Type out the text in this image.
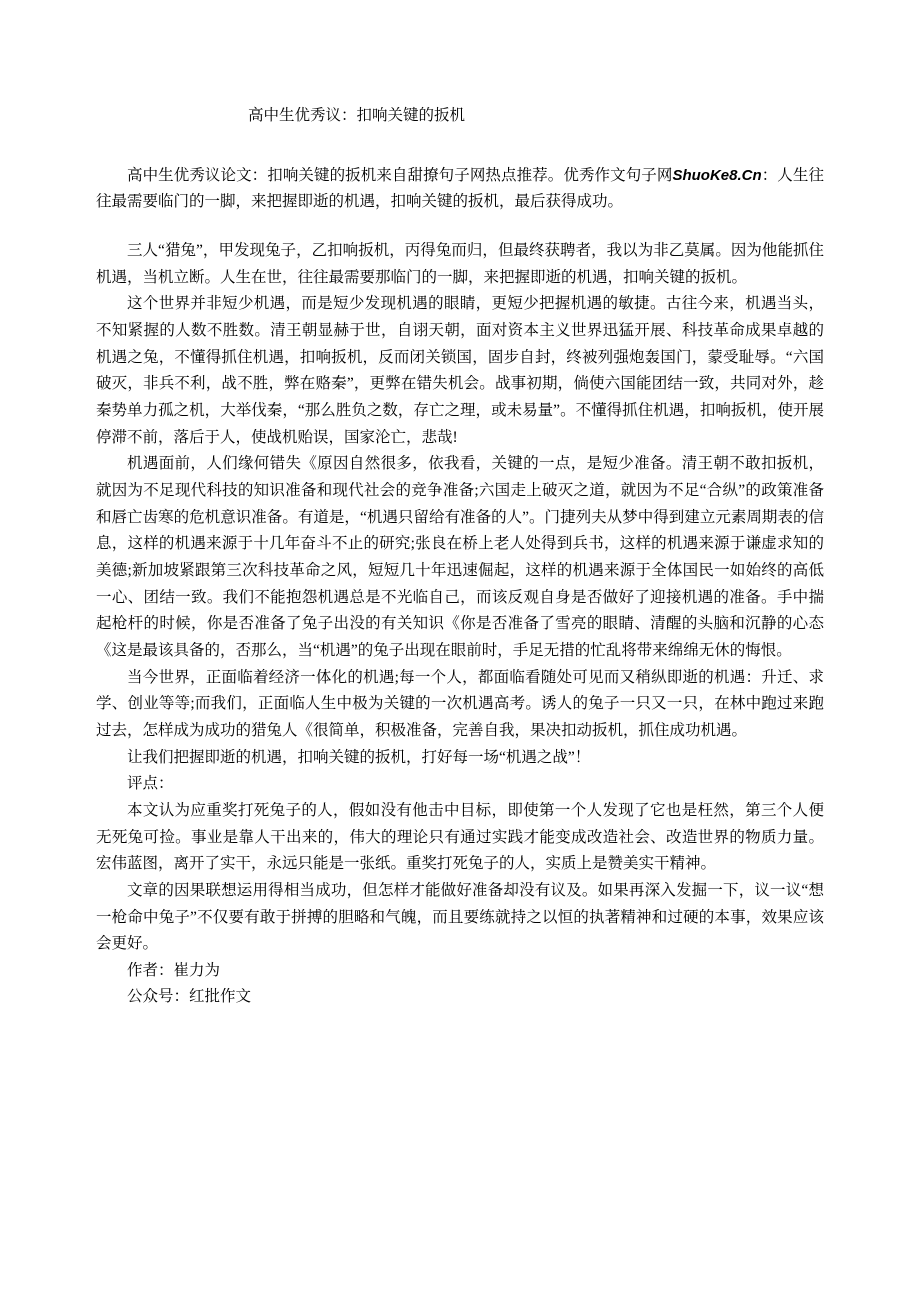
高中生优秀议：扣响关键的扳机

高中生优秀议论文：扣响关键的扳机来自甜撩句子网热点推荐。优秀作文句子网ShuoKe8.Cn：人生往往最需要临门的一脚，来把握即逝的机遇，扣响关键的扳机，最后获得成功。

三人“猎兔”，甲发现兔子，乙扣响扳机，丙得兔而归，但最终获聘者，我以为非乙莫属。因为他能抓住机遇，当机立断。人生在世，往往最需要那临门的一脚，来把握即逝的机遇，扣响关键的扳机。

这个世界并非短少机遇，而是短少发现机遇的眼睛，更短少把握机遇的敏捷。古往今来，机遇当头，不知紧握的人数不胜数。清王朝显赫于世，自诩天朝，面对资本主义世界迅猛开展、科技革命成果卓越的机遇之兔，不懂得抓住机遇，扣响扳机，反而闭关锁国，固步自封，终被列强炮轰国门，蒙受耻辱。“六国破灭，非兵不利，战不胜，弊在赂秦”，更弊在错失机会。战事初期，倘使六国能团结一致，共同对外，趁秦势单力孤之机，大举伐秦，“那么胜负之数，存亡之理，或未易量”。不懂得抓住机遇，扣响扳机，使开展停滞不前，落后于人，使战机贻误，国家沦亡，悲哉!

机遇面前，人们缘何错失《原因自然很多，依我看，关键的一点，是短少准备。清王朝不敢扣扳机，就因为不足现代科技的知识准备和现代社会的竞争准备;六国走上破灭之道，就因为不足“合纵”的政策准备和唇亡齿寒的危机意识准备。有道是，“机遇只留给有准备的人”。门捷列夫从梦中得到建立元素周期表的信息，这样的机遇来源于十几年奋斗不止的研究;张良在桥上老人处得到兵书，这样的机遇来源于谦虚求知的美德;新加坡紧跟第三次科技革命之风，短短几十年迅速倔起，这样的机遇来源于全体国民一如始终的高低一心、团结一致。我们不能抱怨机遇总是不光临自己，而该反观自身是否做好了迎接机遇的准备。手中揣起枪杆的时候，你是否准备了兔子出没的有关知识《你是否准备了雪亮的眼睛、清醒的头脑和沉静的心态《这是最该具备的，否那么，当“机遇”的兔子出现在眼前时，手足无措的忙乱将带来绵绵无休的悔恨。

当今世界，正面临着经济一体化的机遇;每一个人，都面临看随处可见而又稍纵即逝的机遇：升迁、求学、创业等等;而我们，正面临人生中极为关键的一次机遇高考。诱人的兔子一只又一只，在林中跑过来跑过去，怎样成为成功的猎兔人《很简单，积极准备，完善自我，果决扣动扳机，抓住成功机遇。

让我们把握即逝的机遇，扣响关键的扳机，打好每一场“机遇之战”！

评点：

本文认为应重奖打死兔子的人，假如没有他击中目标，即使第一个人发现了它也是枉然，第三个人便无死兔可捡。事业是靠人干出来的，伟大的理论只有通过实践才能变成改造社会、改造世界的物质力量。宏伟蓝图，离开了实干，永远只能是一张纸。重奖打死兔子的人，实质上是赞美实干精神。

文章的因果联想运用得相当成功，但怎样才能做好准备却没有议及。如果再深入发掘一下，议一议“想一枪命中兔子”不仅要有敢于拼搏的胆略和气魄，而且要练就持之以恒的执著精神和过硬的本事，效果应该会更好。

作者：崔力为

公众号：红批作文
